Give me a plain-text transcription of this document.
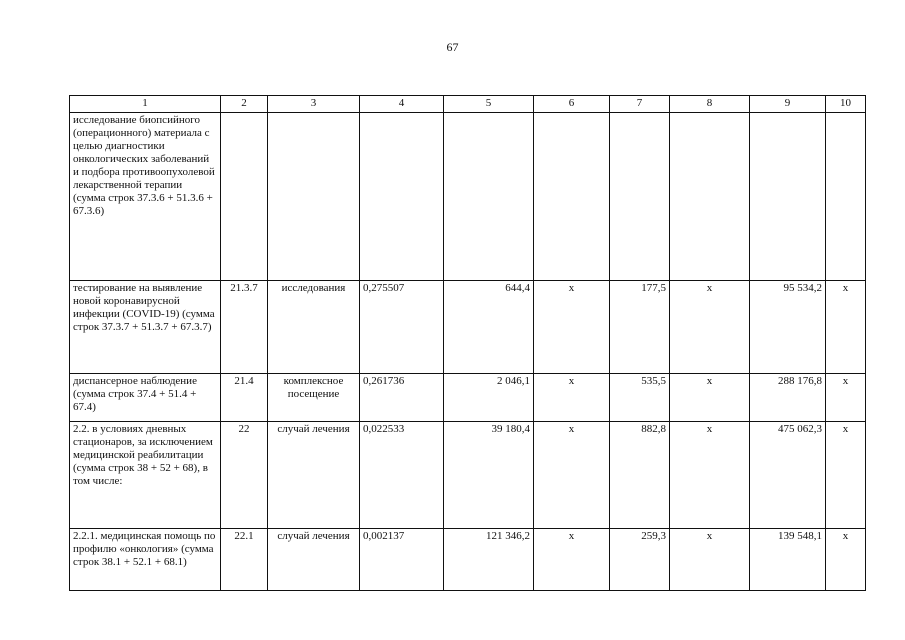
67
1	2	3	4	5	6	7	8	9	10
исследование биопсийного (операционного) материала с целью диагностики онкологических заболеваний и подбора противоопухолевой лекарственной терапии (сумма строк 37.3.6 + 51.3.6 + 67.3.6)									
тестирование на выявление новой коронавирусной инфекции (COVID-19) (сумма строк 37.3.7 + 51.3.7 + 67.3.7)	21.3.7	исследования	0,275507	644,4	x	177,5	x	95 534,2	x
диспансерное наблюдение (сумма строк 37.4 + 51.4 + 67.4)	21.4	комплексное посещение	0,261736	2 046,1	x	535,5	x	288 176,8	x
2.2. в условиях дневных стационаров, за исключением медицинской реабилитации (сумма строк 38 + 52 + 68), в том числе:	22	случай лечения	0,022533	39 180,4	x	882,8	x	475 062,3	x
2.2.1. медицинская помощь по профилю «онкология» (сумма строк 38.1 + 52.1 + 68.1)	22.1	случай лечения	0,002137	121 346,2	x	259,3	x	139 548,1	x
